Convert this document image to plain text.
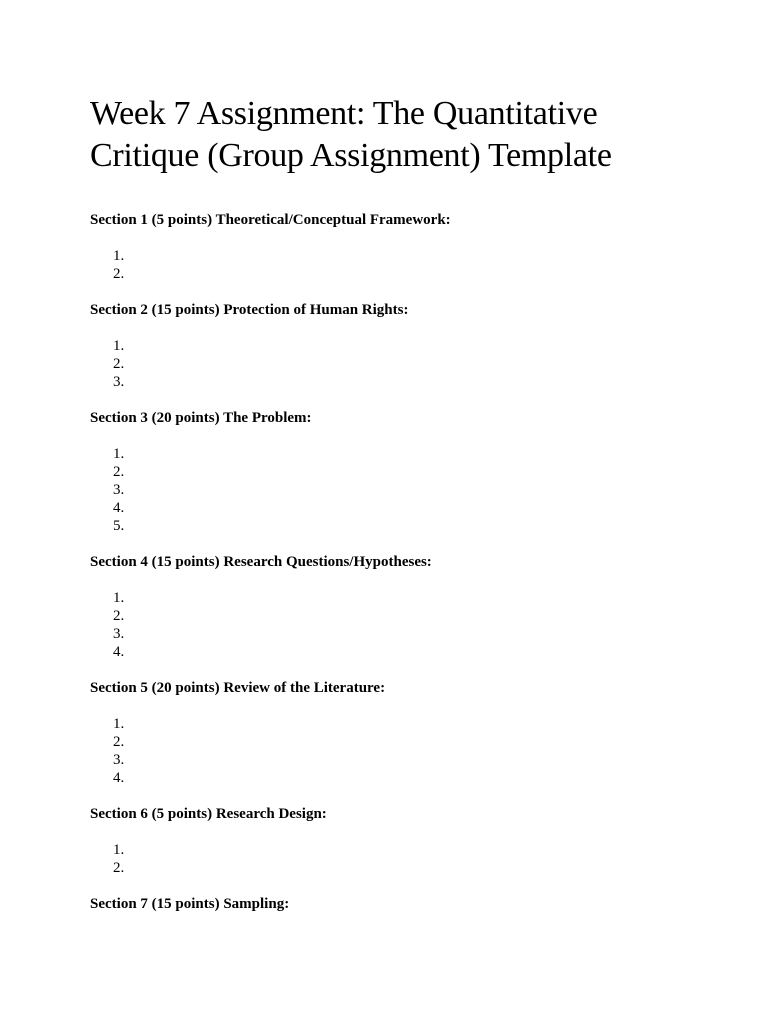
Week 7 Assignment: The Quantitative Critique (Group Assignment) Template
Section 1 (5 points) Theoretical/Conceptual Framework:
1.
2.
Section 2 (15 points) Protection of Human Rights:
1.
2.
3.
Section 3 (20 points) The Problem:
1.
2.
3.
4.
5.
Section 4 (15 points) Research Questions/Hypotheses:
1.
2.
3.
4.
Section 5 (20 points) Review of the Literature:
1.
2.
3.
4.
Section 6 (5 points) Research Design:
1.
2.
Section 7 (15 points) Sampling:
